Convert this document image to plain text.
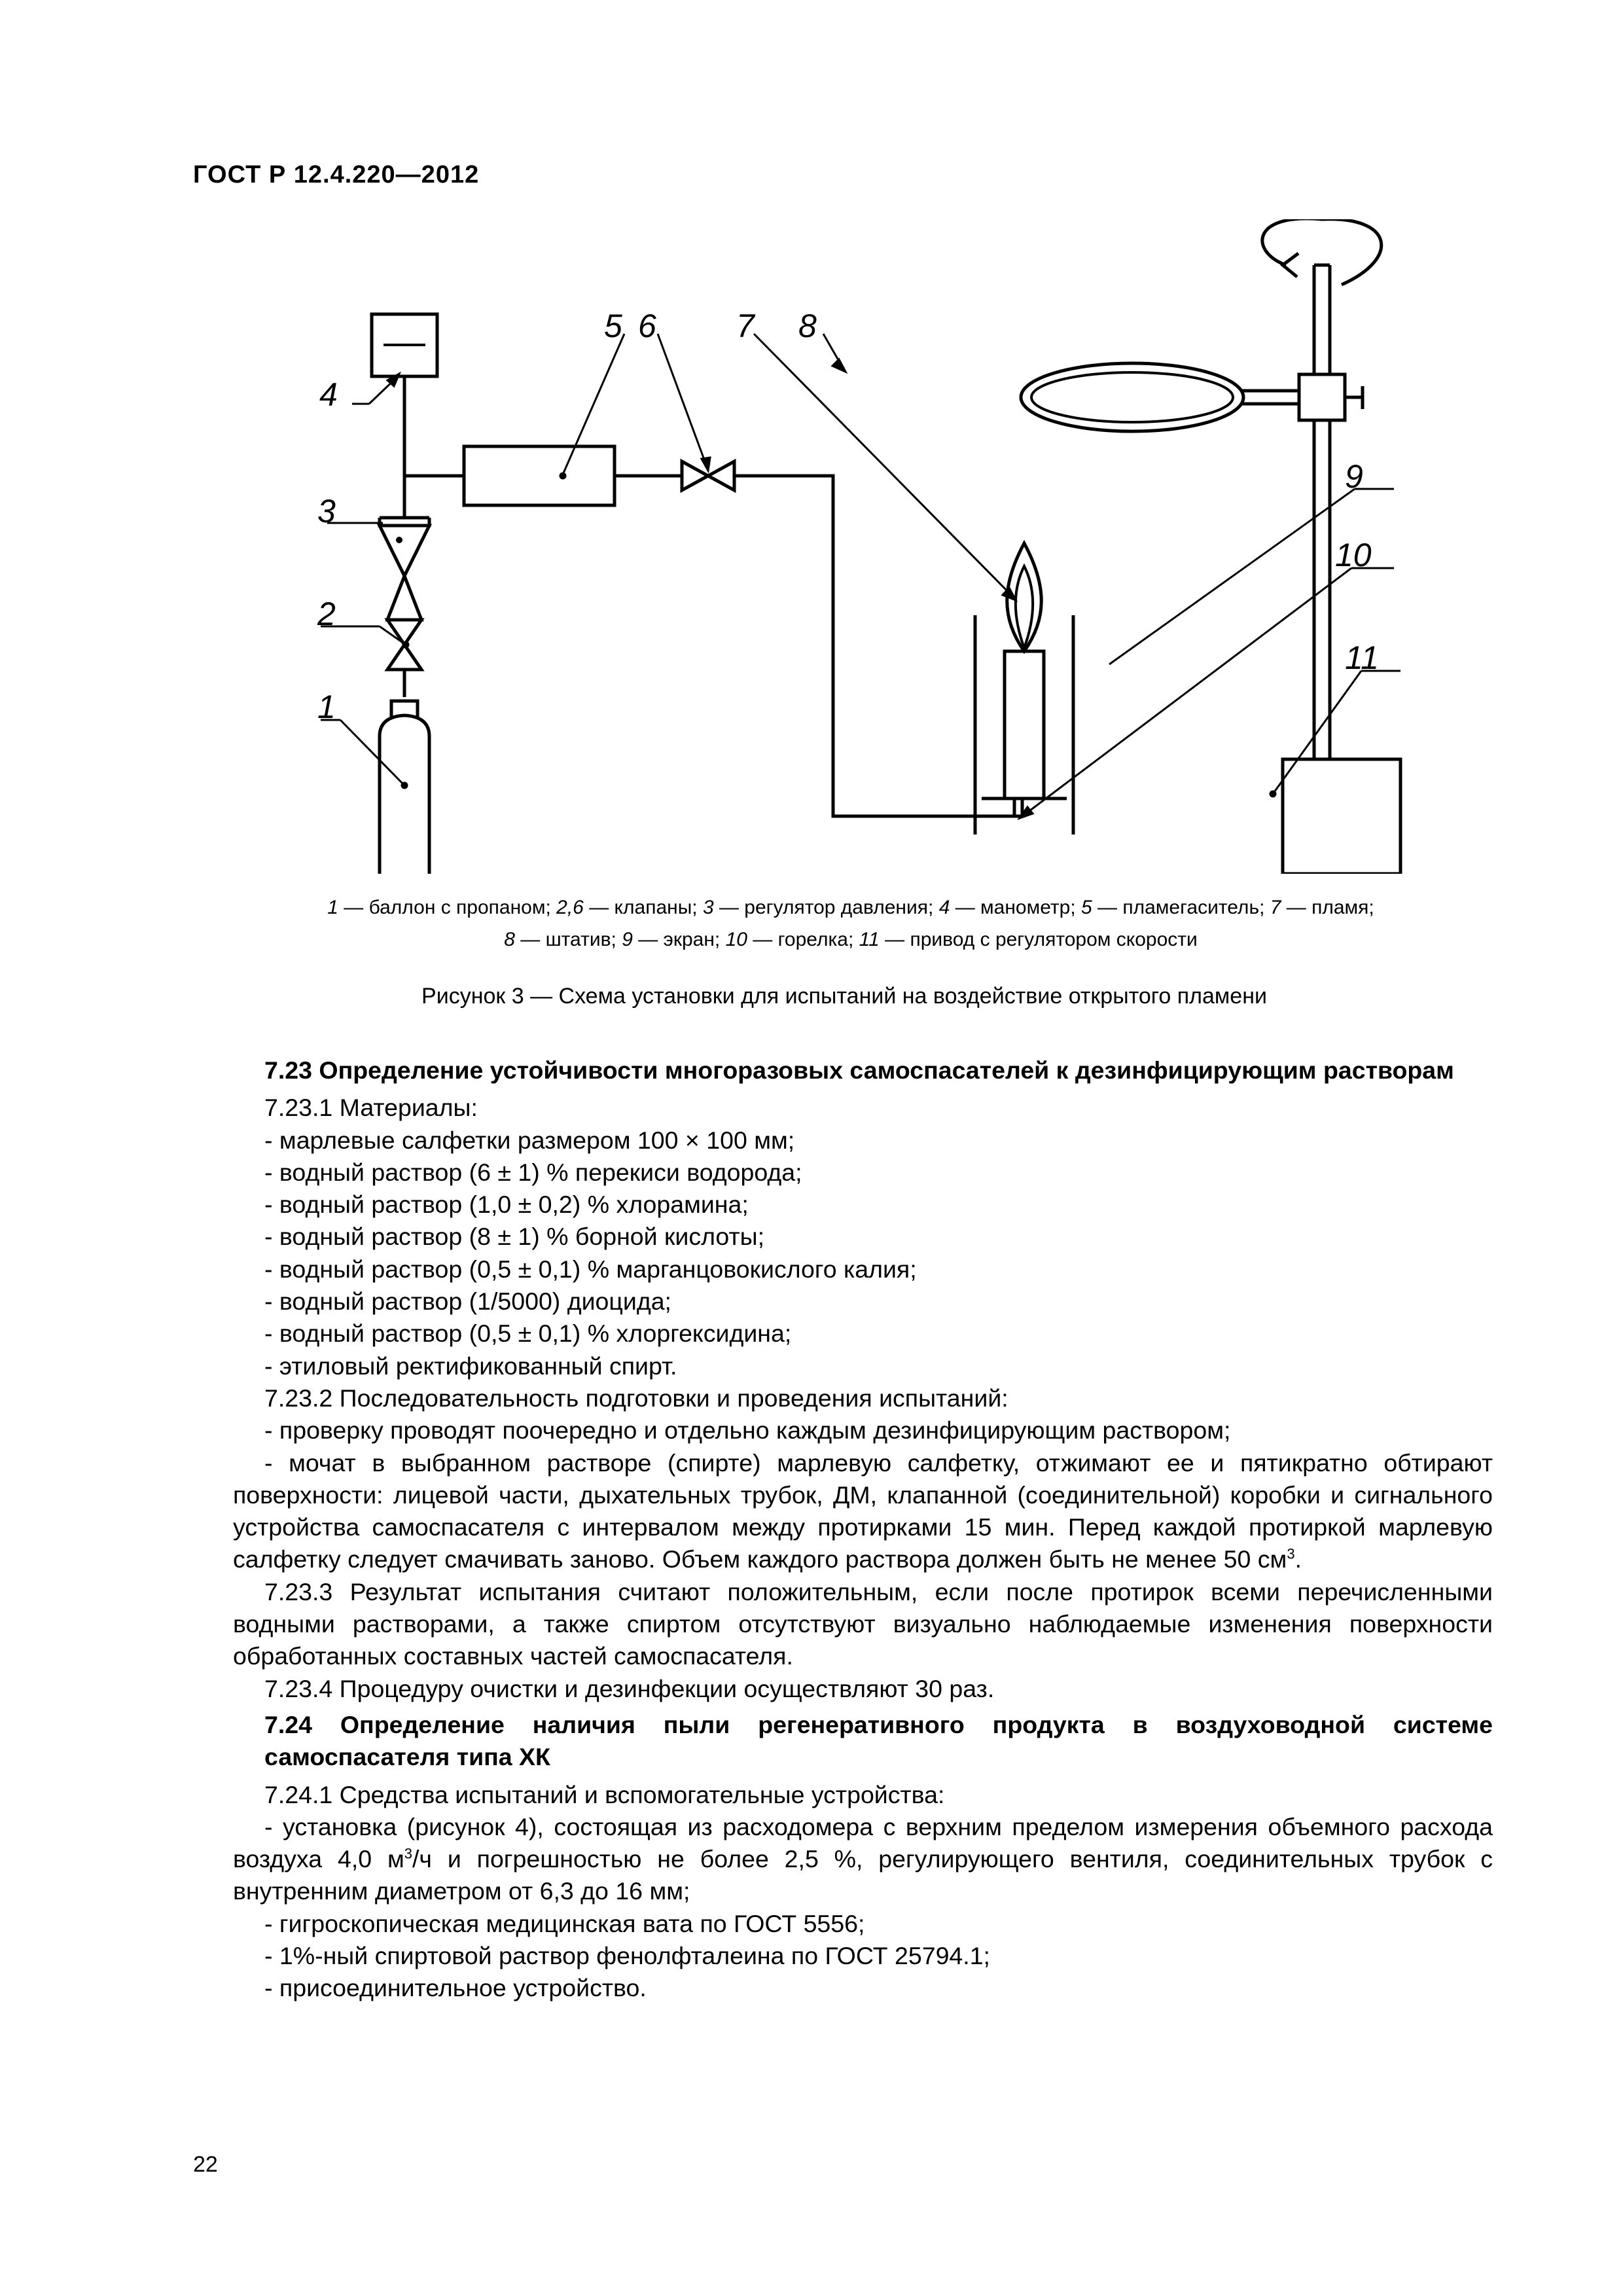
ГОСТ Р 12.4.220—2012
4
5 6 7 8
9
10
11
3
2
1
1 — баллон с пропаном; 2,6 — клапаны; 3 — регулятор давления; 4 — манометр; 5 — пламегаситель; 7 — пламя;
8 — штатив; 9 — экран; 10 — горелка; 11 — привод с регулятором скорости
Рисунок 3 — Схема установки для испытаний на воздействие открытого пламени

7.23 Определение устойчивости многоразовых самоспасателей к дезинфицирующим растворам

7.23.1 Материалы:

- марлевые салфетки размером 100 × 100 мм;

- водный раствор (6 ± 1) % перекиси водорода;

- водный раствор (1,0 ± 0,2) % хлорамина;

- водный раствор (8 ± 1) % борной кислоты;

- водный раствор (0,5 ± 0,1) % марганцовокислого калия;

- водный раствор (1/5000) диоцида;

- водный раствор (0,5 ± 0,1) % хлоргексидина;

- этиловый ректификованный спирт.

7.23.2 Последовательность подготовки и проведения испытаний:

- проверку проводят поочередно и отдельно каждым дезинфицирующим раствором;

- мочат в выбранном растворе (спирте) марлевую салфетку, отжимают ее и пятикратно обтирают поверхности: лицевой части, дыхательных трубок, ДМ, клапанной (соединительной) коробки и сигнального устройства самоспасателя с интервалом между протирками 15 мин. Перед каждой протиркой марлевую салфетку следует смачивать заново. Объем каждого раствора должен быть не менее 50 $см^3$.

7.23.3 Результат испытания считают положительным, если после протирок всеми перечисленными водными растворами, а также спиртом отсутствуют визуально наблюдаемые изменения поверхности обработанных составных частей самоспасателя.

7.23.4 Процедуру очистки и дезинфекции осуществляют 30 раз.

7.24 Определение наличия пыли регенеративного продукта в воздуховодной системе самоспасателя типа ХК

7.24.1 Средства испытаний и вспомогательные устройства:

- установка (рисунок 4), состоящая из расходомера с верхним пределом измерения объемного расхода воздуха 4,0 $м^3/ч$ и погрешностью не более 2,5 %, регулирующего вентиля, соединительных трубок с внутренним диаметром от 6,3 до 16 мм;

- гигроскопическая медицинская вата по ГОСТ 5556;

- 1%-ный спиртовой раствор фенолфталеина по ГОСТ 25794.1;

- присоединительное устройство.

22
